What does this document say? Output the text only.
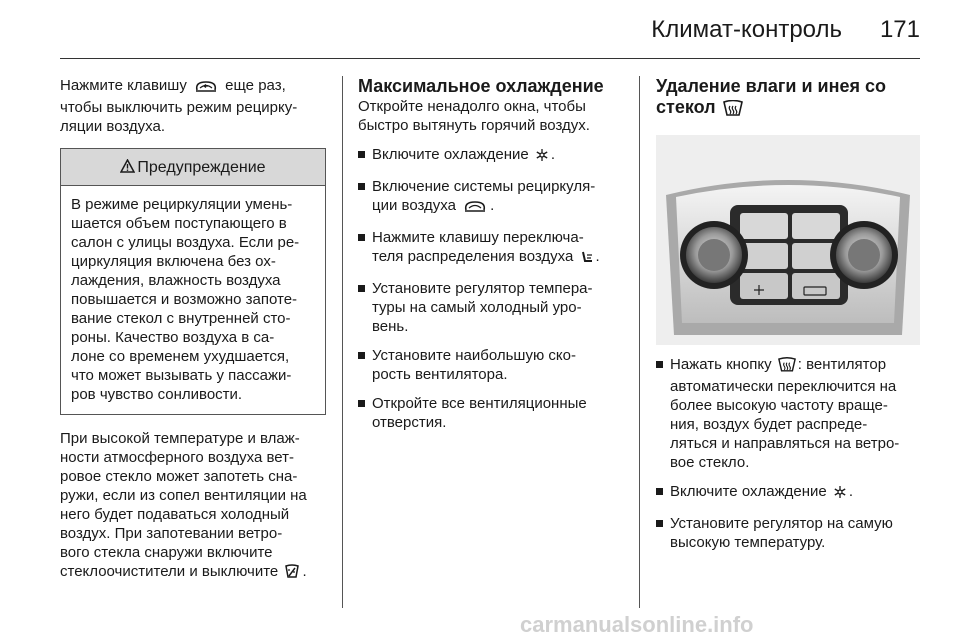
Климат-контроль 171

Нажмите клавишу  еще раз,
чтобы выключить режим рецирку-
ляции воздуха.

Предупреждение
В режиме рециркуляции умень-
шается объем поступающего в
салон с улицы воздуха. Если ре-
циркуляция включена без ох-
лаждения, влажность воздуха
повышается и возможно запоте-
вание стекол с внутренней сто-
роны. Качество воздуха в са-
лоне со временем ухудшается,
что может вызывать у пассажи-
ров чувство сонливости.

При высокой температуре и влаж-
ности атмосферного воздуха вет-
ровое стекло может запотеть сна-
ружи, если из сопел вентиляции на
него будет подаваться холодный
воздух. При запотевании ветро-
вого стекла снаружи включите
стеклоочистители и выключите .

Максимальное охлаждение

Откройте ненадолго окна, чтобы
быстро вытянуть горячий воздух.

Включите охлаждение .
Включение системы рециркуля-
ции воздуха .
Нажмите клавишу переключа-
теля распределения воздуха .
Установите регулятор темпера-
туры на самый холодный уро-
вень.
Установите наибольшую ско-
рость вентилятора.
Откройте все вентиляционные
отверстия.
Удаление влаги и инея со
стекол
Нажать кнопку : вентилятор
автоматически переключится на
более высокую частоту враще-
ния, воздух будет распреде-
ляться и направляться на ветро-
вое стекло.
Включите охлаждение .
Установите регулятор на самую
высокую температуру.
carmanualsonline.info
